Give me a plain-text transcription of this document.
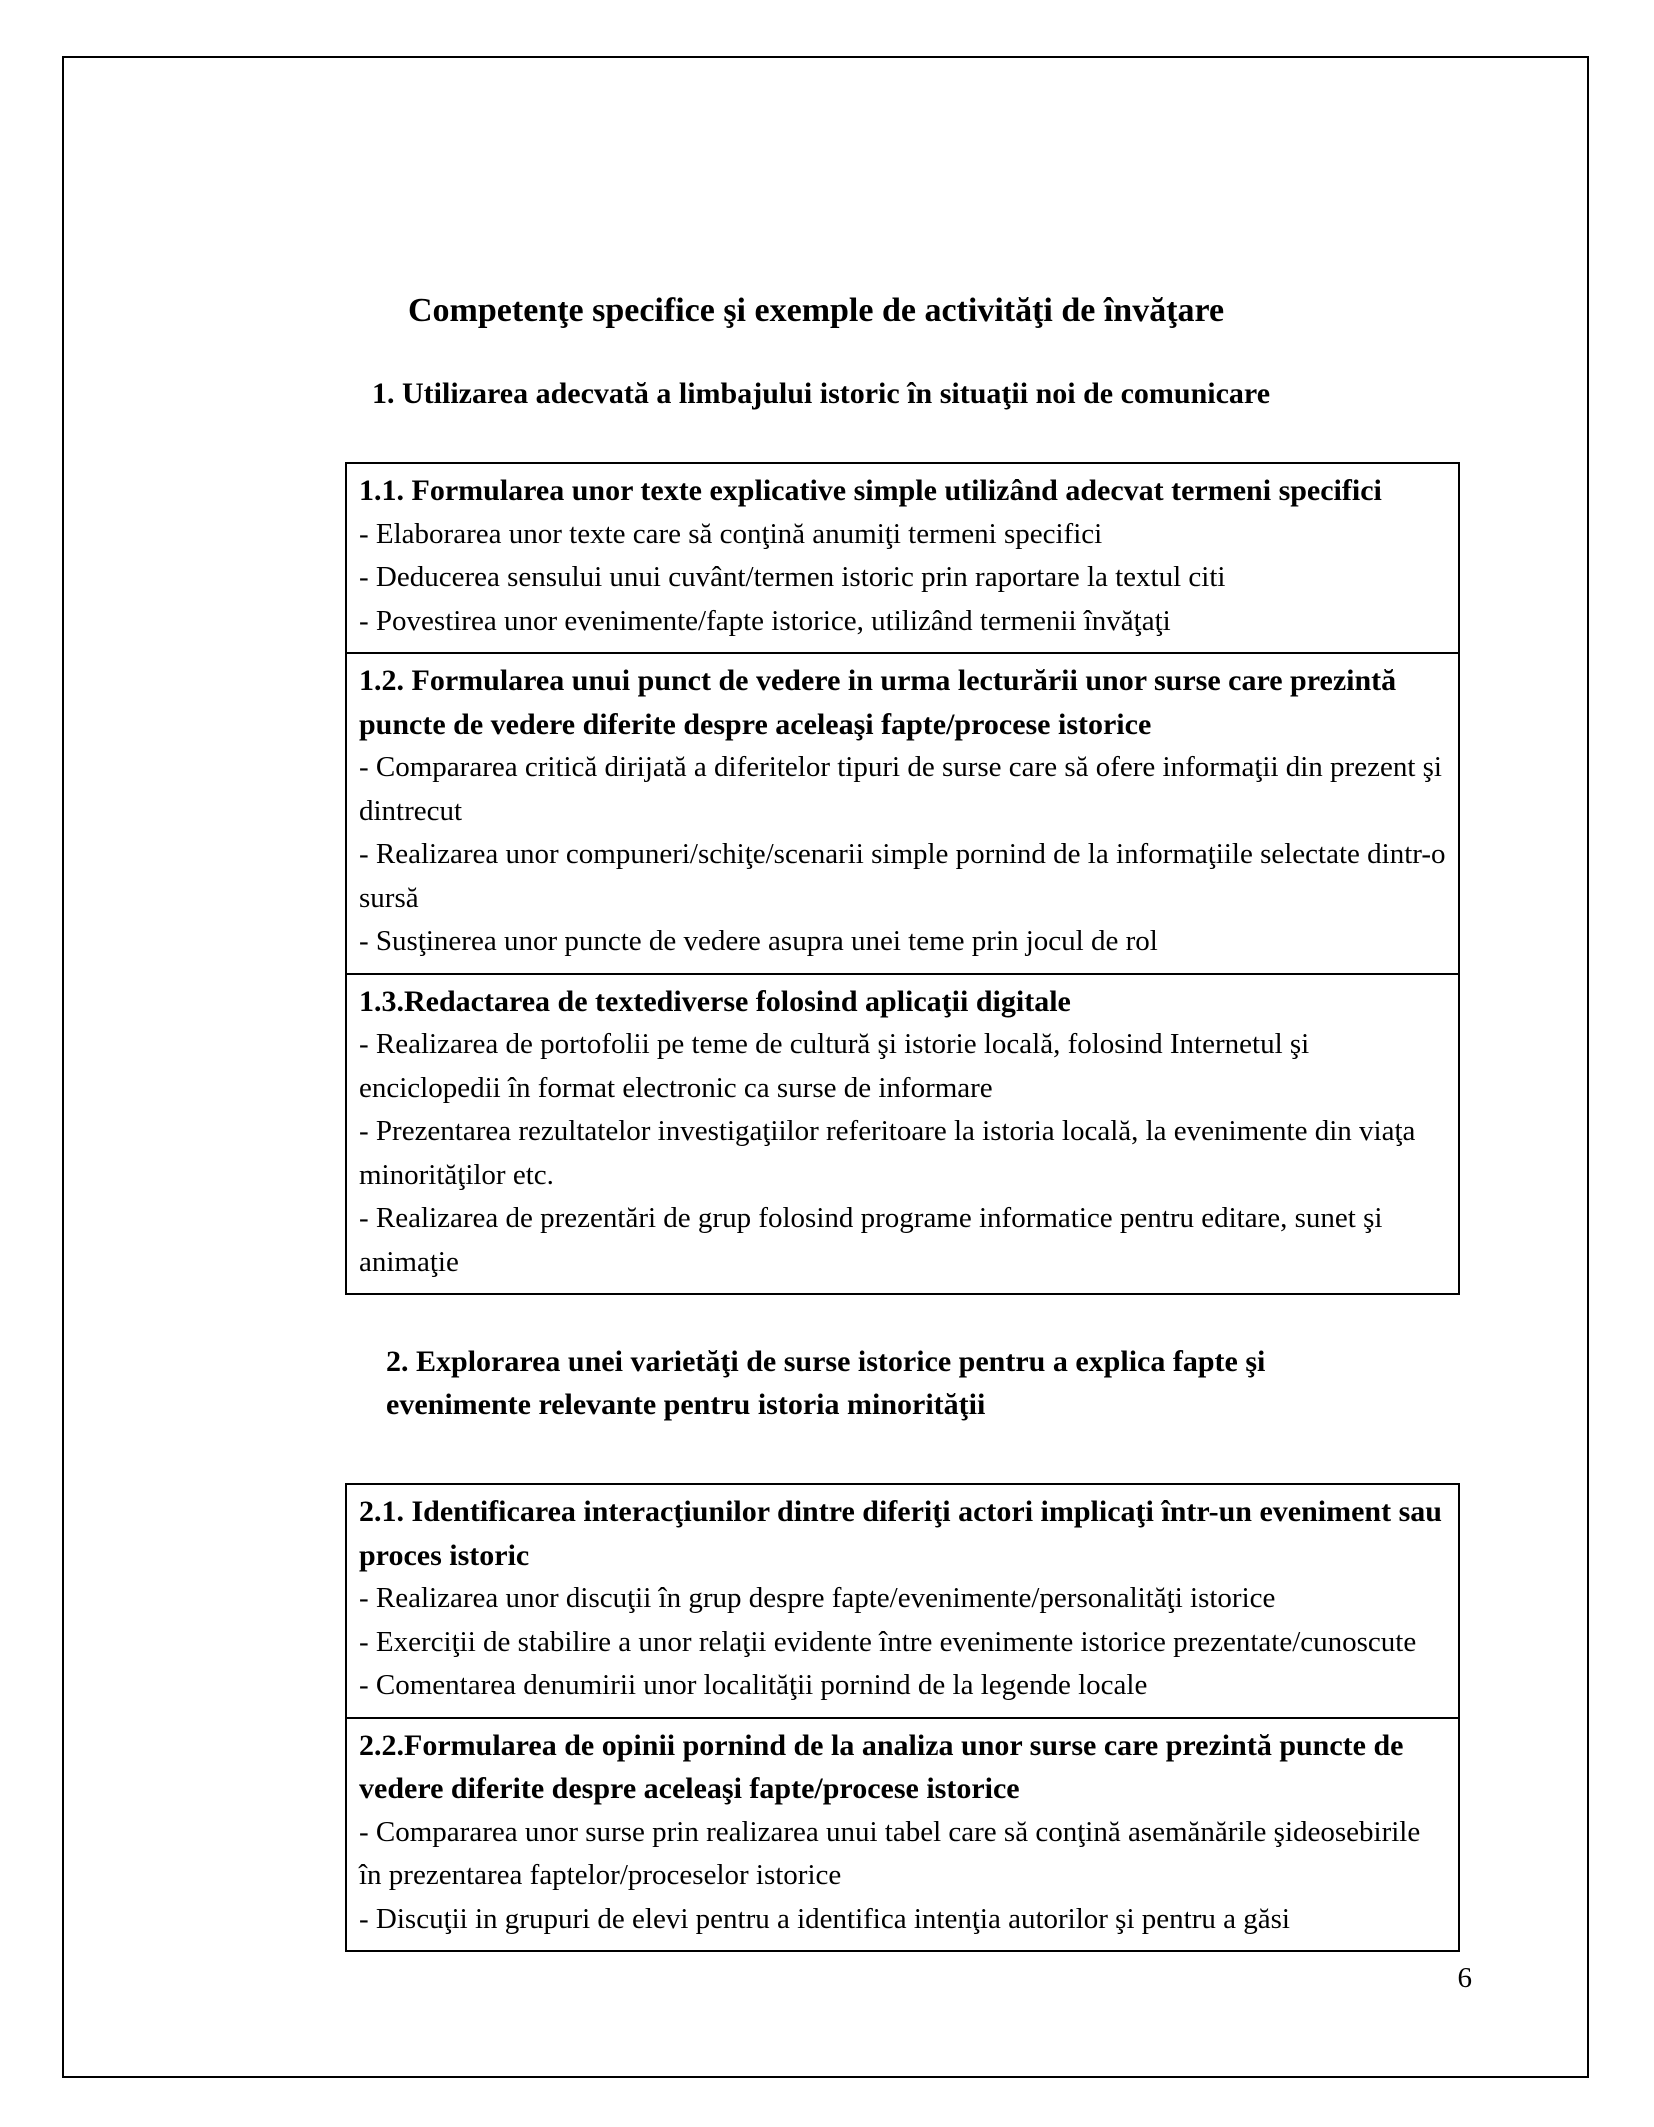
Competenţe specifice şi exemple de activităţi de învăţare
1. Utilizarea adecvată a limbajului istoric în situaţii noi de comunicare
1.1. Formularea unor texte explicative simple utilizând adecvat termeni specifici
- Elaborarea unor texte care să conţină anumiţi termeni specifici
- Deducerea sensului unui cuvânt/termen istoric prin raportare la textul citi
- Povestirea unor evenimente/fapte istorice, utilizând termenii învăţaţi
1.2. Formularea unui punct de vedere in urma lecturării unor surse care prezintă puncte de vedere diferite despre aceleaşi fapte/procese istorice
- Compararea critică dirijată a diferitelor tipuri de surse care să ofere informaţii din prezent şi dintrecut
- Realizarea unor compuneri/schiţe/scenarii simple pornind de la informaţiile selectate dintr-o sursă
- Susţinerea unor puncte de vedere asupra unei teme prin jocul de rol
1.3.Redactarea de textediverse folosind aplicaţii digitale
- Realizarea de portofolii pe teme de cultură şi istorie locală, folosind Internetul şi enciclopedii în format electronic ca surse de informare
- Prezentarea rezultatelor investigaţiilor referitoare la istoria locală, la evenimente din viaţa minorităţilor etc.
- Realizarea de prezentări de grup folosind programe informatice pentru editare, sunet şi animaţie
2. Explorarea unei varietăţi de surse istorice pentru a explica fapte şi evenimente relevante pentru istoria minorităţii
2.1. Identificarea interacţiunilor dintre diferiţi actori implicaţi într-un eveniment sau proces istoric
- Realizarea unor discuţii în grup despre fapte/evenimente/personalităţi istorice
- Exerciţii de stabilire a unor relaţii evidente între evenimente istorice prezentate/cunoscute
- Comentarea denumirii unor localităţii pornind de la legende locale
2.2.Formularea de opinii pornind de la analiza unor surse care prezintă puncte de vedere diferite despre aceleaşi fapte/procese istorice
- Compararea unor surse prin realizarea unui tabel care să conţină asemănările şideosebirile în prezentarea faptelor/proceselor istorice
- Discuţii in grupuri de elevi pentru a identifica intenţia autorilor şi pentru a găsi
6
